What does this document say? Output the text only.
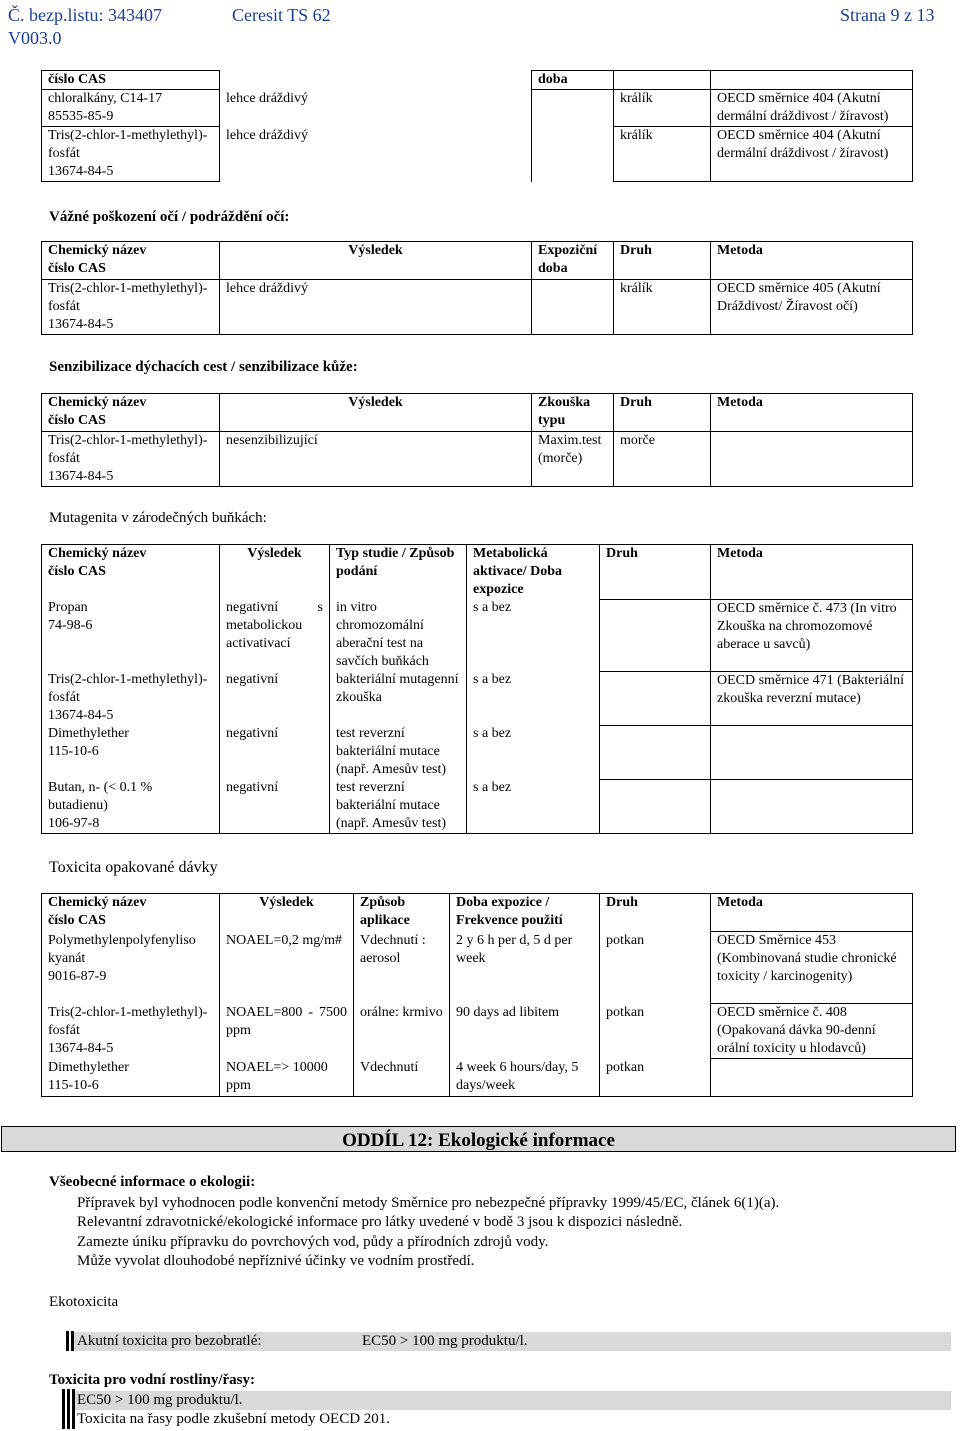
Č. bezp.listu: 343407	Ceresit TS 62	Strana 9 z 13
V003.0
číslo CAS		doba		

chloralkány, C14-17
85535-85-9	lehce dráždivý		králík	OECD směrnice 404 (Akutní dermální dráždivost / žíravost)

Tris(2-chlor-1-methylethyl)-fosfát
13674-84-5	lehce dráždivý		králík	OECD směrnice 404 (Akutní dermální dráždivost / žíravost)
Vážné poškození očí / podráždění očí:
Chemický název
číslo CAS	Výsledek	Expoziční doba	Druh	Metoda

Tris(2-chlor-1-methylethyl)-fosfát
13674-84-5	lehce dráždivý		králík	OECD směrnice 405 (Akutní Dráždivost/ Žíravost očí)
Senzibilizace dýchacích cest / senzibilizace kůže:
Chemický název
číslo CAS	Výsledek	Zkouška typu	Druh	Metoda

Tris(2-chlor-1-methylethyl)-fosfát
13674-84-5	nesenzibilizující	Maxim.test (morče)	morče	
Mutagenita v zárodečných buňkách:
Chemický název
číslo CAS	Výsledek	Typ studie / Způsob podání	Metabolická aktivace/ Doba expozice	Druh	Metoda

Propan
74-98-6	negativní s metabolickou activativací	in vitro chromozomální aberační test na savčích buňkách	s a bez		OECD směrnice č. 473 (In vitro Zkouška na chromozomové aberace u savců)

Tris(2-chlor-1-methylethyl)-fosfát
13674-84-5	negativní	bakteriální mutagenní zkouška	s a bez		OECD směrnice 471 (Bakteriální zkouška reverzní mutace)

Dimethylether
115-10-6	negativní	test reverzní bakteriální mutace (např. Amesův test)	s a bez		

Butan, n- (< 0.1 % butadienu)
106-97-8	negativní	test reverzní bakteriální mutace (např. Amesův test)	s a bez		
Toxicita opakované dávky
Chemický název
číslo CAS	Výsledek	Způsob aplikace	Doba expozice / Frekvence použití	Druh	Metoda

Polymethylenpolyfenyliso kyanát
9016-87-9	NOAEL=0,2 mg/m#	Vdechnutí : aerosol	2 y 6 h per d, 5 d per week	potkan	OECD Směrnice 453 (Kombinovaná studie chronické toxicity / karcinogenity)

Tris(2-chlor-1-methylethyl)-fosfát
13674-84-5	NOAEL=800 - 7500 ppm	orálne: krmivo	90 days ad libitem	potkan	OECD směrnice č. 408 (Opakovaná dávka 90-denní orální toxicity u hlodavců)

Dimethylether
115-10-6	NOAEL=> 10000 ppm	Vdechnutí	4 week 6 hours/day, 5 days/week	potkan	
ODDÍL 12: Ekologické informace
Všeobecné informace o ekologii:
Přípravek byl vyhodnocen podle konvenční metody Směrnice pro nebezpečné přípravky 1999/45/EC, článek 6(1)(a).
Relevantní zdravotnické/ekologické informace pro látky uvedené v bodě 3 jsou k dispozici následně.
Zamezte úniku přípravku do povrchových vod, půdy a přírodních zdrojů vody.
Může vyvolat dlouhodobé nepříznivé účinky ve vodním prostředí.
Ekotoxicita
Akutní toxicita pro bezobratlé:	EC50 > 100 mg produktu/l.
Toxicita pro vodní rostliny/řasy:
EC50 > 100 mg produktu/l.
Toxicita na řasy podle zkušební metody OECD 201.
